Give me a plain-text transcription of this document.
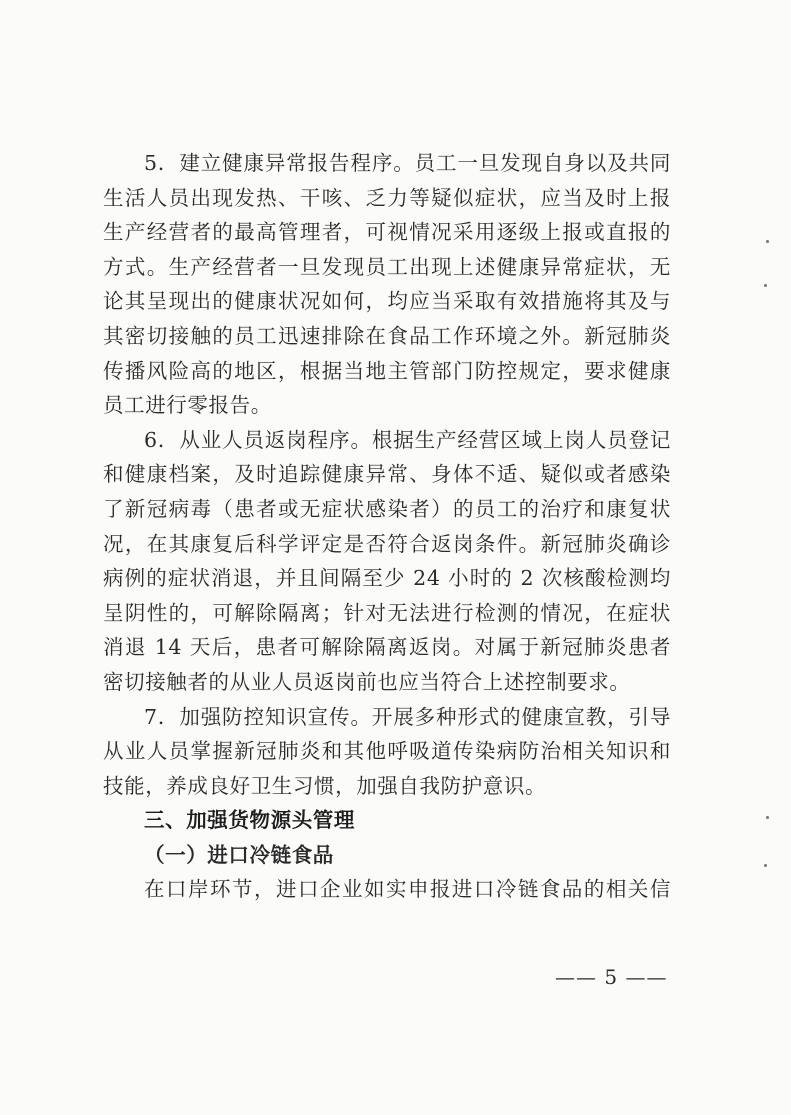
5．建立健康异常报告程序。员工一旦发现自身以及共同生活人员出现发热、干咳、乏力等疑似症状，应当及时上报生产经营者的最高管理者，可视情况采用逐级上报或直报的方式。生产经营者一旦发现员工出现上述健康异常症状，无论其呈现出的健康状况如何，均应当采取有效措施将其及与其密切接触的员工迅速排除在食品工作环境之外。新冠肺炎传播风险高的地区，根据当地主管部门防控规定，要求健康员工进行零报告。

6．从业人员返岗程序。根据生产经营区域上岗人员登记和健康档案，及时追踪健康异常、身体不适、疑似或者感染了新冠病毒（患者或无症状感染者）的员工的治疗和康复状况，在其康复后科学评定是否符合返岗条件。新冠肺炎确诊病例的症状消退，并且间隔至少 24 小时的 2 次核酸检测均呈阴性的，可解除隔离；针对无法进行检测的情况，在症状消退 14 天后，患者可解除隔离返岗。对属于新冠肺炎患者密切接触者的从业人员返岗前也应当符合上述控制要求。

7．加强防控知识宣传。开展多种形式的健康宣教，引导从业人员掌握新冠肺炎和其他呼吸道传染病防治相关知识和技能，养成良好卫生习惯，加强自我防护意识。

三、加强货物源头管理

（一）进口冷链食品

在口岸环节，进口企业如实申报进口冷链食品的相关信

—— 5 ——
